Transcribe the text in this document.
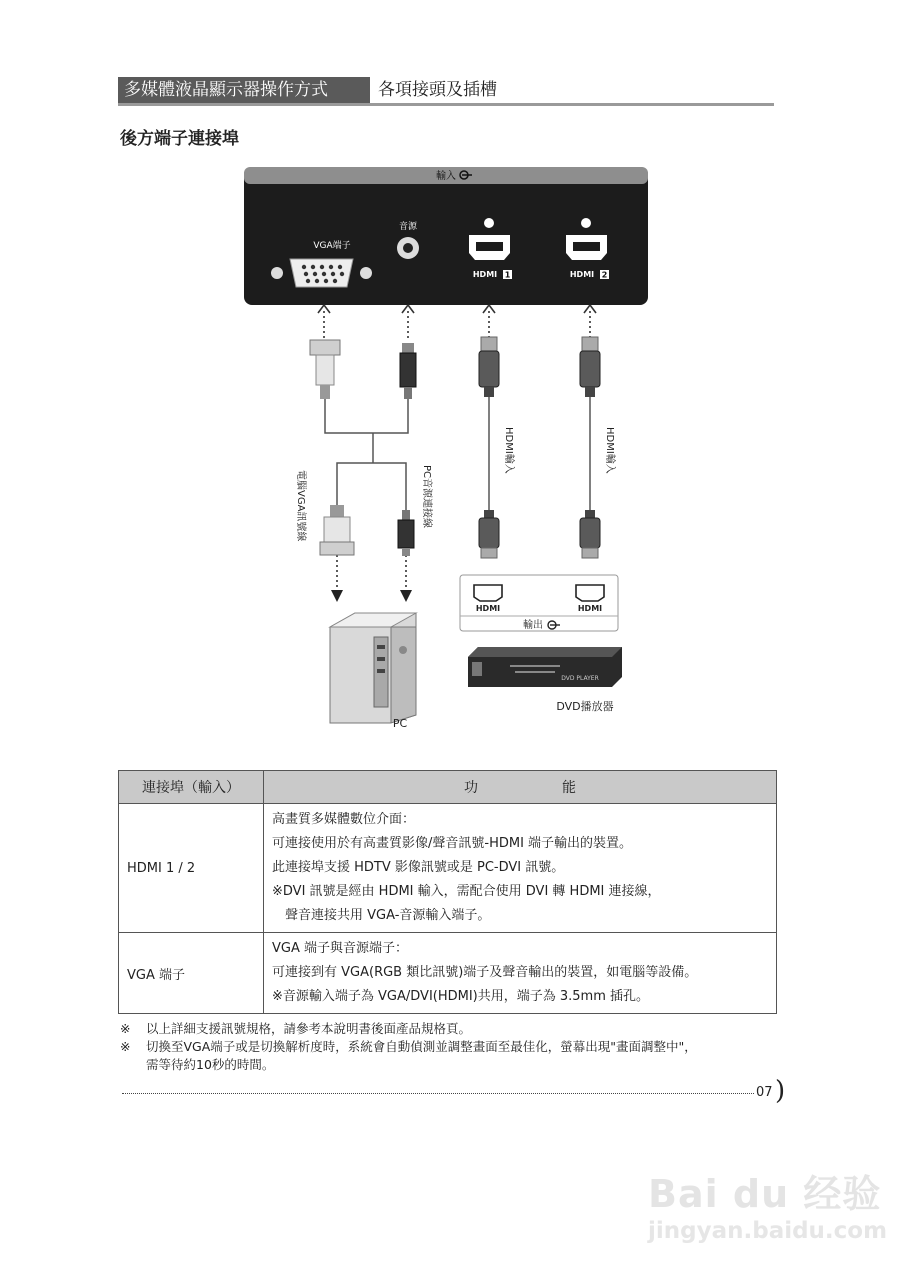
多媒體液晶顯示器操作方式	各項接頭及插槽
後方端子連接埠
輸入
VGA端子
音源
HDMI 1	HDMI 2
電腦VGA訊號線	PC音源連接線
HDMI輸入	HDMI輸入
HDMI	HDMI
輸出
DVD PLAYER
DVD播放器
PC
連接埠（輸入）	功　　　　　　能
HDMI 1 / 2	高畫質多媒體數位介面：
可連接使用於有高畫質影像/聲音訊號-HDMI 端子輸出的裝置。
此連接埠支援 HDTV 影像訊號或是 PC-DVI 訊號。
※DVI 訊號是經由 HDMI 輸入，需配合使用 DVI 轉 HDMI 連接線，
　聲音連接共用 VGA-音源輸入端子。

VGA 端子	VGA 端子與音源端子：
可連接到有 VGA(RGB 類比訊號)端子及聲音輸出的裝置，如電腦等設備。
※音源輸入端子為 VGA/DVI(HDMI)共用，端子為 3.5mm 插孔。
※	以上詳細支援訊號規格，請參考本說明書後面產品規格頁。
※	切換至VGA端子或是切換解析度時，系統會自動偵測並調整畫面至最佳化，螢幕出現"畫面調整中"，
需等待約10秒的時間。
07 )
Bai du 经验
jingyan.baidu.com
